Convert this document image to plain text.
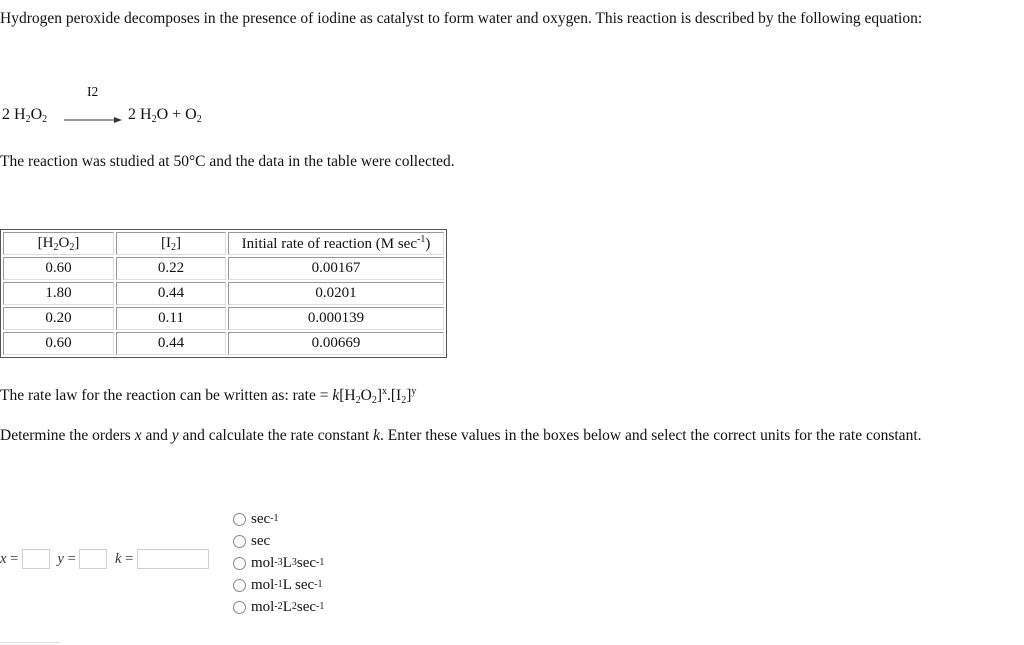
Hydrogen peroxide decomposes in the presence of iodine as catalyst to form water and oxygen. This reaction is described by the following equation:
I2
2 $H_2O_2 \to 2$ $H_2O + O_2$
The reaction was studied at 50°C and the data in the table were collected.
$[H_2O_2]$	$[I_2]$	Initial rate of reaction (M $\sec^{-1}$)
0.60	0.22	0.00167
1.80	0.44	0.0201
0.20	0.11	0.000139
0.60	0.44	0.00669
The rate law for the reaction can be written as: rate = $k[H_2O_2]^x.[I_2]^y$
Determine the orders x and y and calculate the rate constant k. Enter these values in the boxes below and select the correct units for the rate constant.
x =	y =	k =
sec -1
sec
mol -3 L 3 sec -1
mol -1 L sec -1
mol -2 L 2 sec -1
